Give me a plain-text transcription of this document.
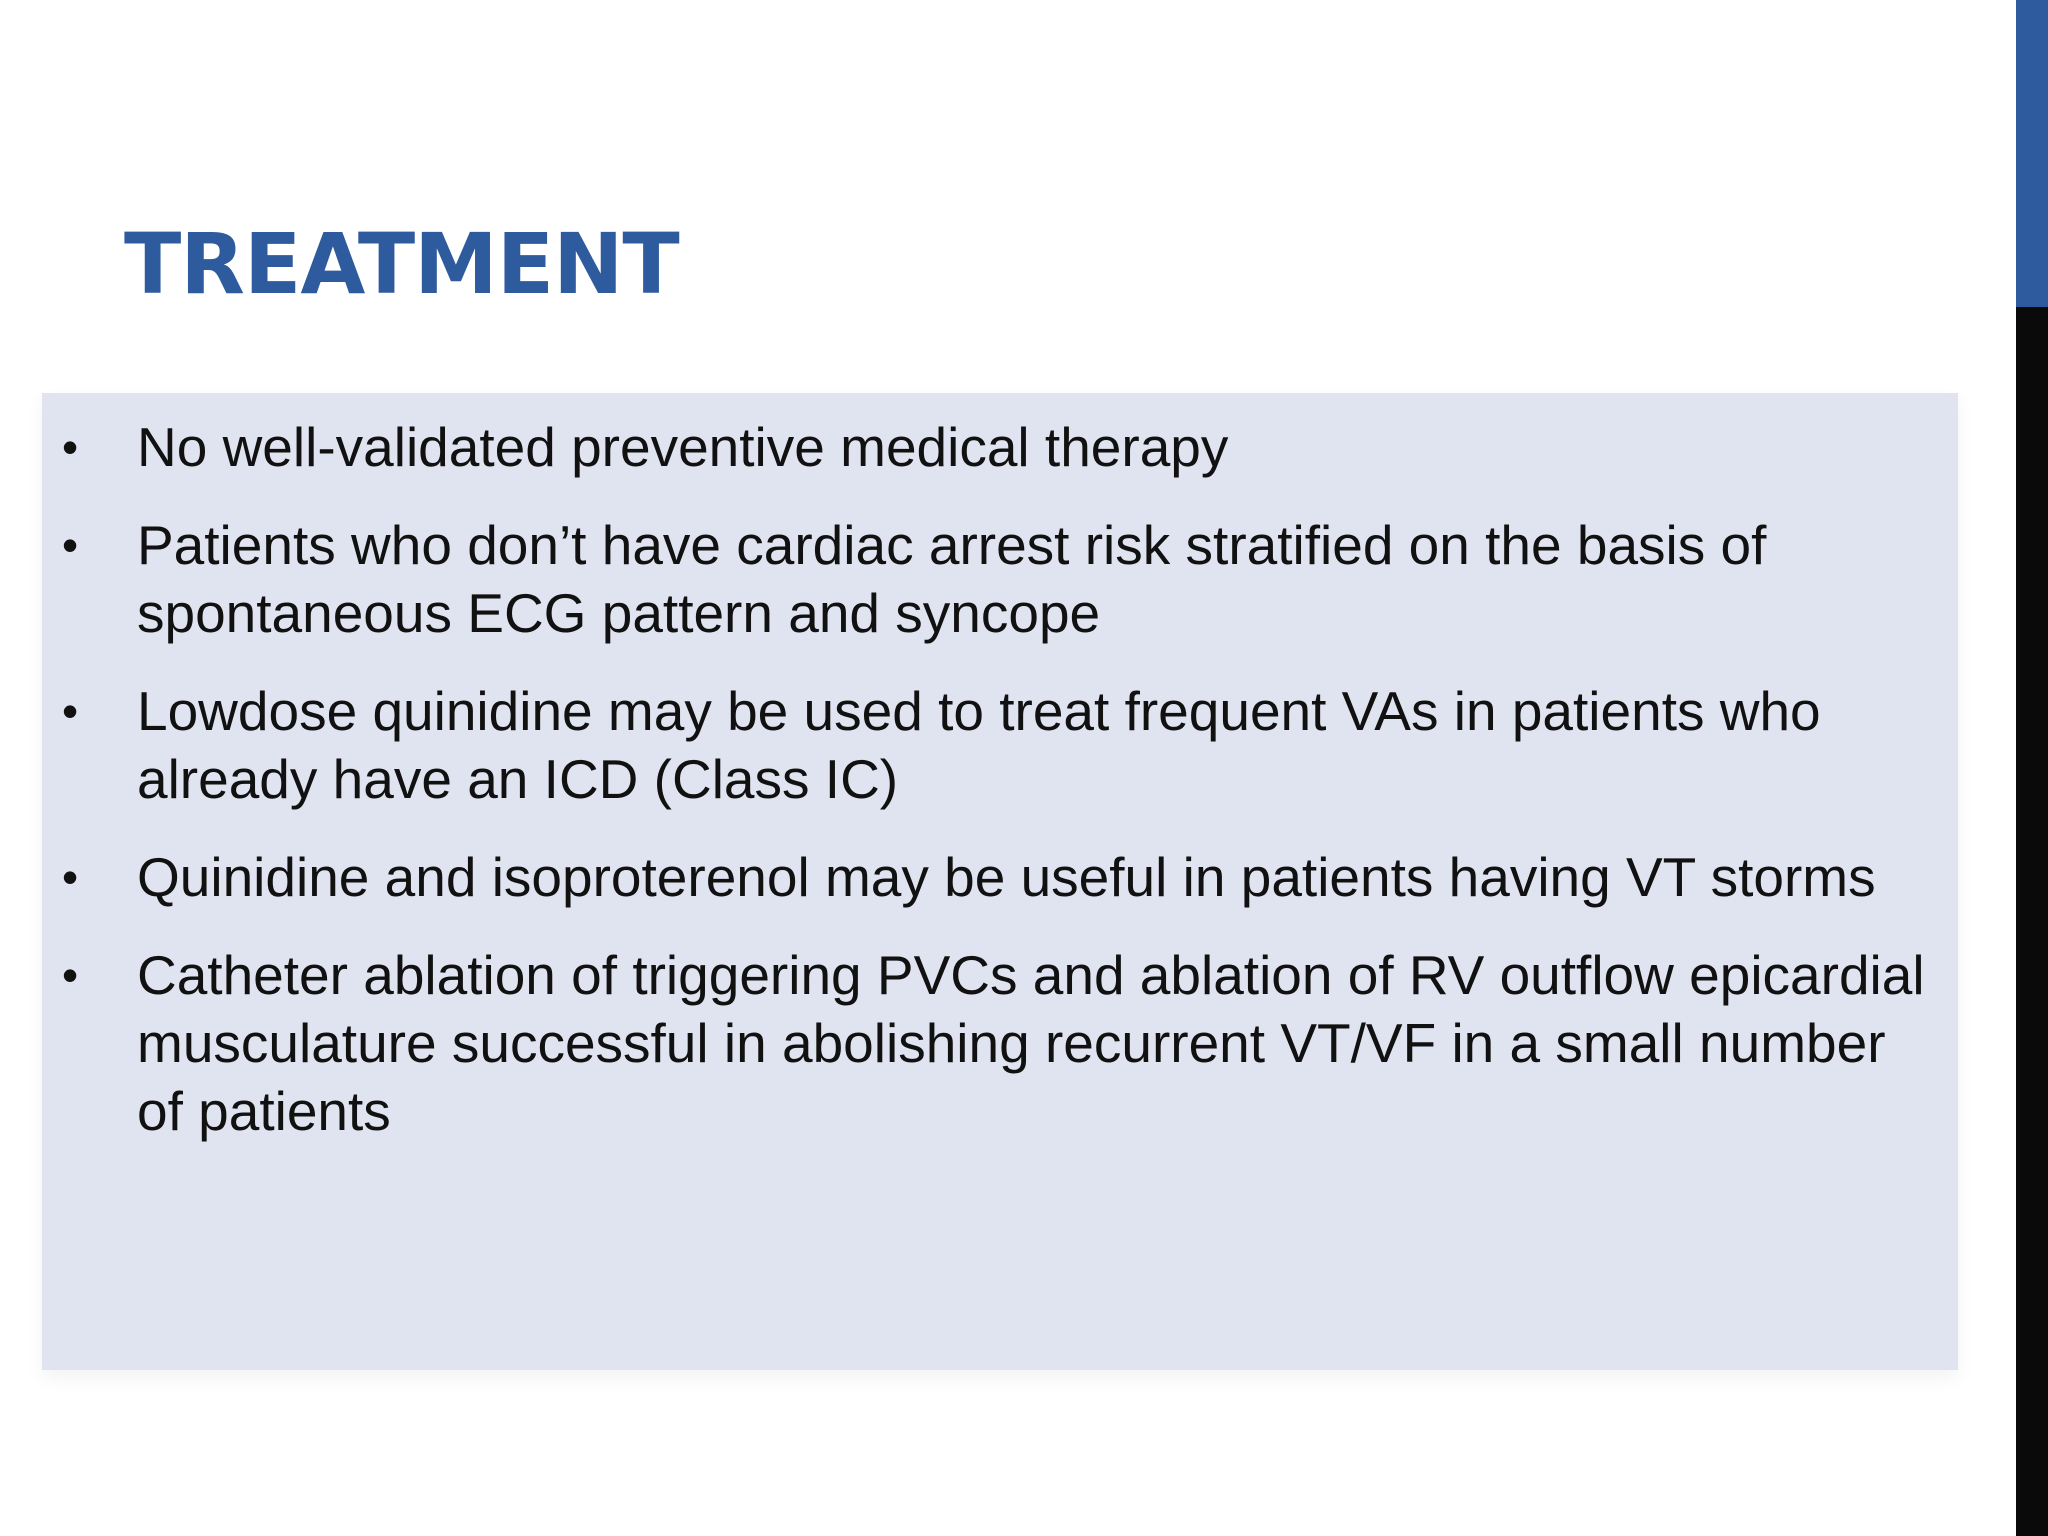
TREATMENT
• No well-validated preventive medical therapy
• Patients who don’t have cardiac arrest risk stratified on the basis of spontaneous ECG pattern and syncope
• Lowdose quinidine may be used to treat frequent VAs in patients who already have an ICD (Class IC)
• Quinidine and isoproterenol may be useful in patients having VT storms
• Catheter ablation of triggering PVCs and ablation of RV outflow epicardial musculature successful in abolishing recurrent VT/VF in a small number of patients
